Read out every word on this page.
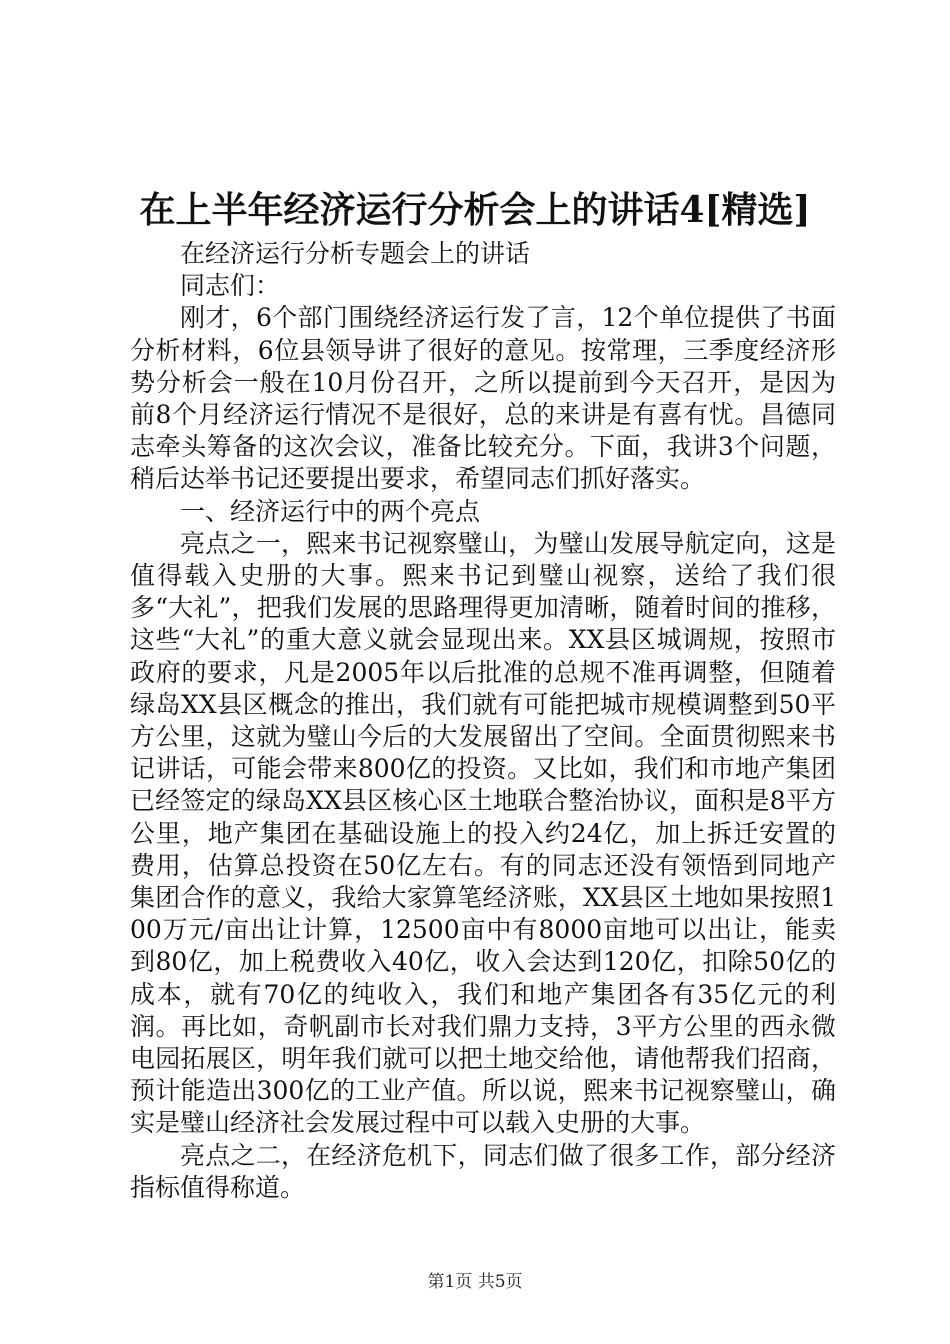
在上半年经济运行分析会上的讲话4[精选]

在经济运行分析专题会上的讲话

同志们：

刚才，6个部门围绕经济运行发了言，12个单位提供了书面分析材料，6位县领导讲了很好的意见。按常理，三季度经济形势分析会一般在10月份召开，之所以提前到今天召开，是因为前8个月经济运行情况不是很好，总的来讲是有喜有忧。昌德同志牵头筹备的这次会议，准备比较充分。下面，我讲3个问题，稍后达举书记还要提出要求，希望同志们抓好落实。

一、经济运行中的两个亮点

亮点之一，熙来书记视察璧山，为璧山发展导航定向，这是值得载入史册的大事。熙来书记到璧山视察，送给了我们很多“大礼”，把我们发展的思路理得更加清晰，随着时间的推移，这些“大礼”的重大意义就会显现出来。XX县区城调规，按照市政府的要求，凡是2005年以后批准的总规不准再调整，但随着绿岛XX县区概念的推出，我们就有可能把城市规模调整到50平方公里，这就为璧山今后的大发展留出了空间。全面贯彻熙来书记讲话，可能会带来800亿的投资。又比如，我们和市地产集团已经签定的绿岛XX县区核心区土地联合整治协议，面积是8平方公里，地产集团在基础设施上的投入约24亿，加上拆迁安置的费用，估算总投资在50亿左右。有的同志还没有领悟到同地产集团合作的意义，我给大家算笔经济账，XX县区土地如果按照100万元/亩出让计算，12500亩中有8000亩地可以出让，能卖到80亿，加上税费收入40亿，收入会达到120亿，扣除50亿的成本，就有70亿的纯收入，我们和地产集团各有35亿元的利润。再比如，奇帆副市长对我们鼎力支持，3平方公里的西永微电园拓展区，明年我们就可以把土地交给他，请他帮我们招商，预计能造出300亿的工业产值。所以说，熙来书记视察璧山，确实是璧山经济社会发展过程中可以载入史册的大事。

亮点之二，在经济危机下，同志们做了很多工作，部分经济指标值得称道。

第1页 共5页
